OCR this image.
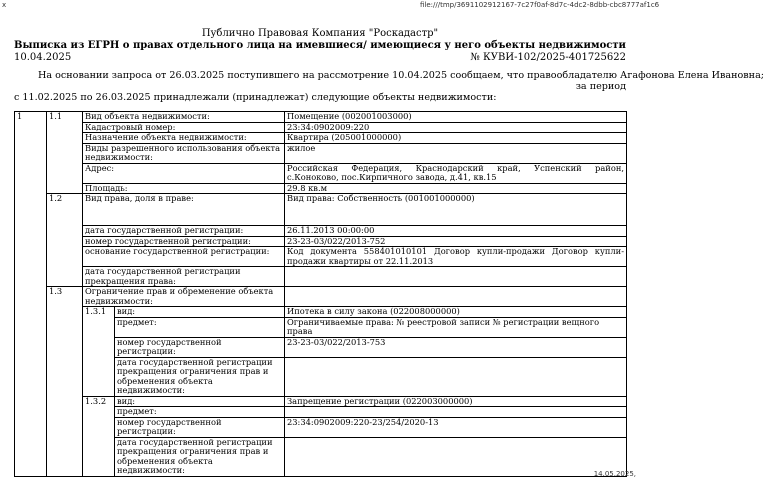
x	file:///tmp/3691102912167-7c27f0af-8d7c-4dc2-8dbb-cbc8777af1c6
Публично Правовая Компания "Роскадастр"
Выписка из ЕГРН о правах отдельного лица на имевшиеся/ имеющиеся у него объекты недвижимости
10.04.2025	№ КУВИ-102/2025-401725622
На основании запроса от 26.03.2025 поступившего на рассмотрение 10.04.2025 сообщаем, что правообладателю Агафонова Елена Ивановна;
за период
с 11.02.2025 по 26.03.2025 принадлежали (принадлежат) следующие объекты недвижимости:
1	1.1	Вид объекта недвижимости:		Помещение (002001003000)
		Кадастровый номер:		23:34:0902009:220
		Назначение объекта недвижимости:		Квартира (205001000000)
		Виды разрешенного использования объекта недвижимости:		жилое
		Адрес:		Российская Федерация, Краснодарский край, Успенский район, с.Коноково, пос.Кирпичного завода, д.41, кв.15
		Площадь:		29.8 кв.м
	1.2	Вид права, доля в праве:		Вид права: Собственность (001001000000)
		дата государственной регистрации:		26.11.2013 00:00:00
		номер государственной регистрации:		23-23-03/022/2013-752
		основание государственной регистрации:		Код документа 558401010101 Договор купли-продажи Договор купли-продажи квартиры от 22.11.2013
		дата государственной регистрации прекращения права:		
	1.3	Ограничение прав и обременение объекта недвижимости:		
		1.3.1	вид:	Ипотека в силу закона (022008000000)
			предмет:	Ограничиваемые права: № реестровой записи № регистрации вещного права
			номер государственной регистрации:	23-23-03/022/2013-753
			дата государственной регистрации прекращения ограничения прав и обременения объекта недвижимости:	
		1.3.2	вид:	Запрещение регистрации (022003000000)
			предмет:	
			номер государственной регистрации:	23:34:0902009:220-23/254/2020-13
			дата государственной регистрации прекращения ограничения прав и обременения объекта недвижимости:		14.05.2025,
